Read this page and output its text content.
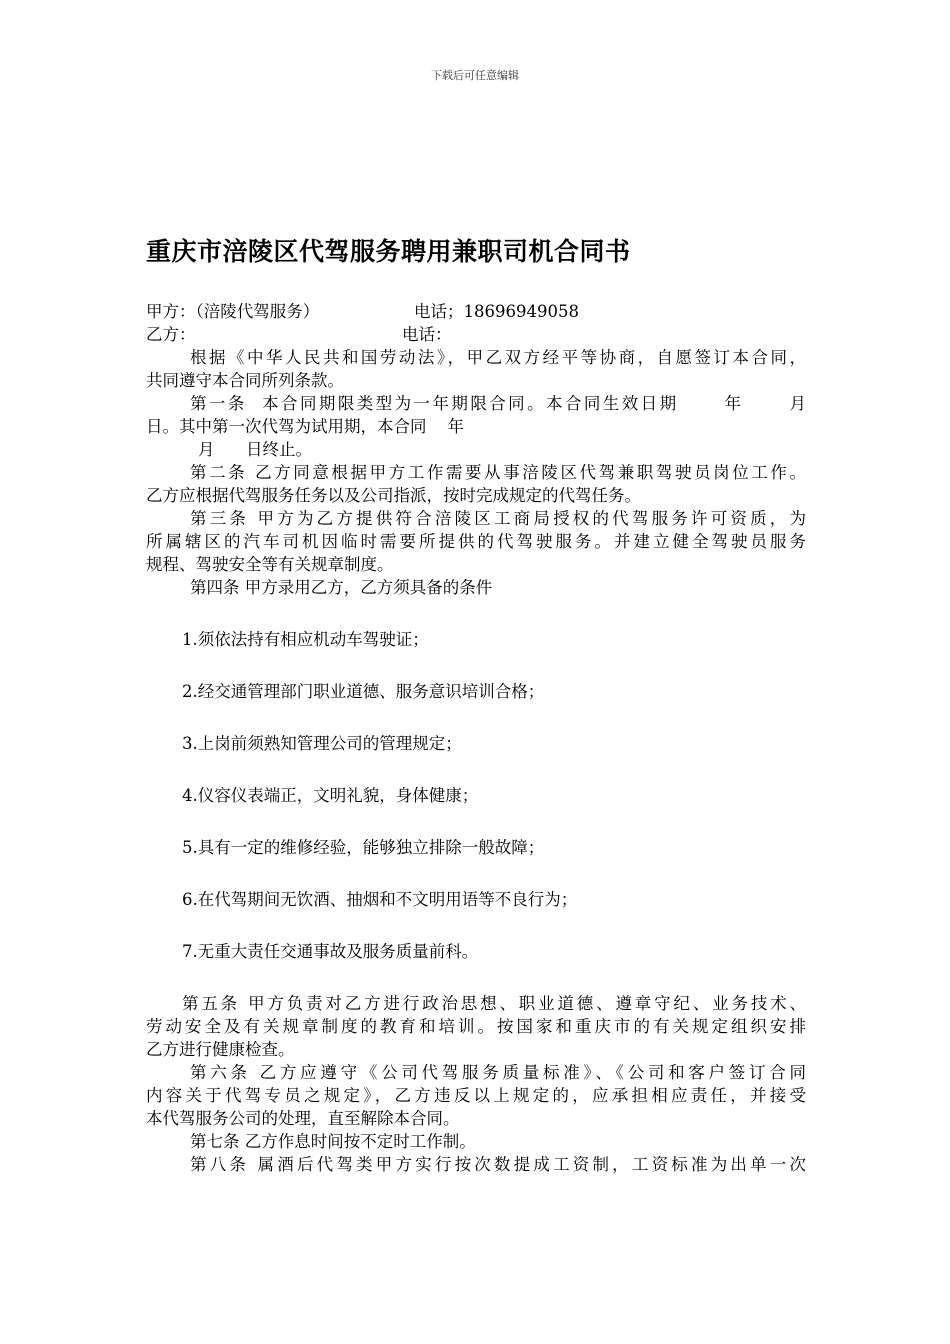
下载后可任意编辑
重庆市涪陵区代驾服务聘用兼职司机合同书
甲方：（涪陵代驾服务）	电话；18696949058
乙方：	电话：
根据《中华人民共和国劳动法》，甲乙双方经平等协商，自愿签订本合同，
共同遵守本合同所列条款。
第一条  本合同期限类型为一年期限合同。本合同生效日期      年      月
日。其中第一次代驾为试用期，本合同    年
月      日终止。
第二条 乙方同意根据甲方工作需要从事涪陵区代驾兼职驾驶员岗位工作。
乙方应根据代驾服务任务以及公司指派，按时完成规定的代驾任务。
第三条 甲方为乙方提供符合涪陵区工商局授权的代驾服务许可资质，为
所属辖区的汽车司机因临时需要所提供的代驾驶服务。并建立健全驾驶员服务
规程、驾驶安全等有关规章制度。
第四条 甲方录用乙方，乙方须具备的条件
1.须依法持有相应机动车驾驶证；
2.经交通管理部门职业道德、服务意识培训合格；
3.上岗前须熟知管理公司的管理规定；
4.仪容仪表端正，文明礼貌，身体健康；
5.具有一定的维修经验，能够独立排除一般故障；
6.在代驾期间无饮酒、抽烟和不文明用语等不良行为；
7.无重大责任交通事故及服务质量前科。
第五条 甲方负责对乙方进行政治思想、职业道德、遵章守纪、业务技术、
劳动安全及有关规章制度的教育和培训。按国家和重庆市的有关规定组织安排
乙方进行健康检查。
第六条 乙方应遵守《公司代驾服务质量标准》、《公司和客户签订合同
内容关于代驾专员之规定》，乙方违反以上规定的，应承担相应责任，并接受
本代驾服务公司的处理，直至解除本合同。
第七条 乙方作息时间按不定时工作制。
第八条 属酒后代驾类甲方实行按次数提成工资制，工资标准为出单一次
